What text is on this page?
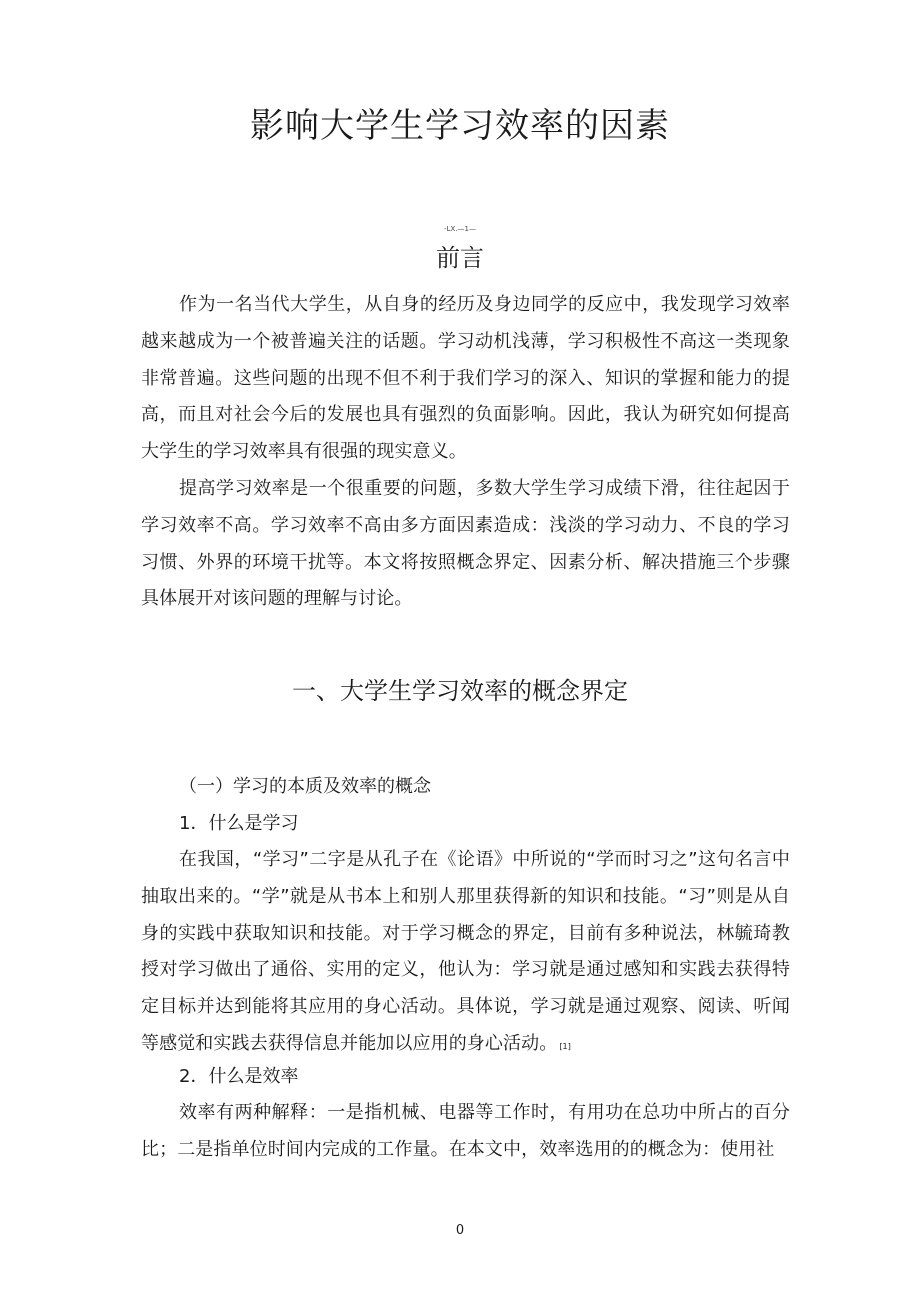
影响大学生学习效率的因素
-LX.—1—
前言

作为一名当代大学生，从自身的经历及身边同学的反应中，我发现学习效率越来越成为一个被普遍关注的话题。学习动机浅薄，学习积极性不高这一类现象非常普遍。这些问题的出现不但不利于我们学习的深入、知识的掌握和能力的提高，而且对社会今后的发展也具有强烈的负面影响。因此，我认为研究如何提高大学生的学习效率具有很强的现实意义。

提高学习效率是一个很重要的问题，多数大学生学习成绩下滑，往往起因于学习效率不高。学习效率不高由多方面因素造成：浅淡的学习动力、不良的学习习惯、外界的环境干扰等。本文将按照概念界定、因素分析、解决措施三个步骤具体展开对该问题的理解与讨论。

一、大学生学习效率的概念界定
（一）学习的本质及效率的概念
1．什么是学习

在我国，“学习”二字是从孔子在《论语》中所说的“学而时习之”这句名言中抽取出来的。“学”就是从书本上和别人那里获得新的知识和技能。“习”则是从自身的实践中获取知识和技能。对于学习概念的界定，目前有多种说法，林毓琦教授对学习做出了通俗、实用的定义，他认为：学习就是通过感知和实践去获得特定目标并达到能将其应用的身心活动。具体说，学习就是通过观察、阅读、听闻等感觉和实践去获得信息并能加以应用的身心活动。 [1]

2．什么是效率

效率有两种解释：一是指机械、电器等工作时，有用功在总功中所占的百分比；二是指单位时间内完成的工作量。在本文中，效率选用的的概念为：使用社

0
